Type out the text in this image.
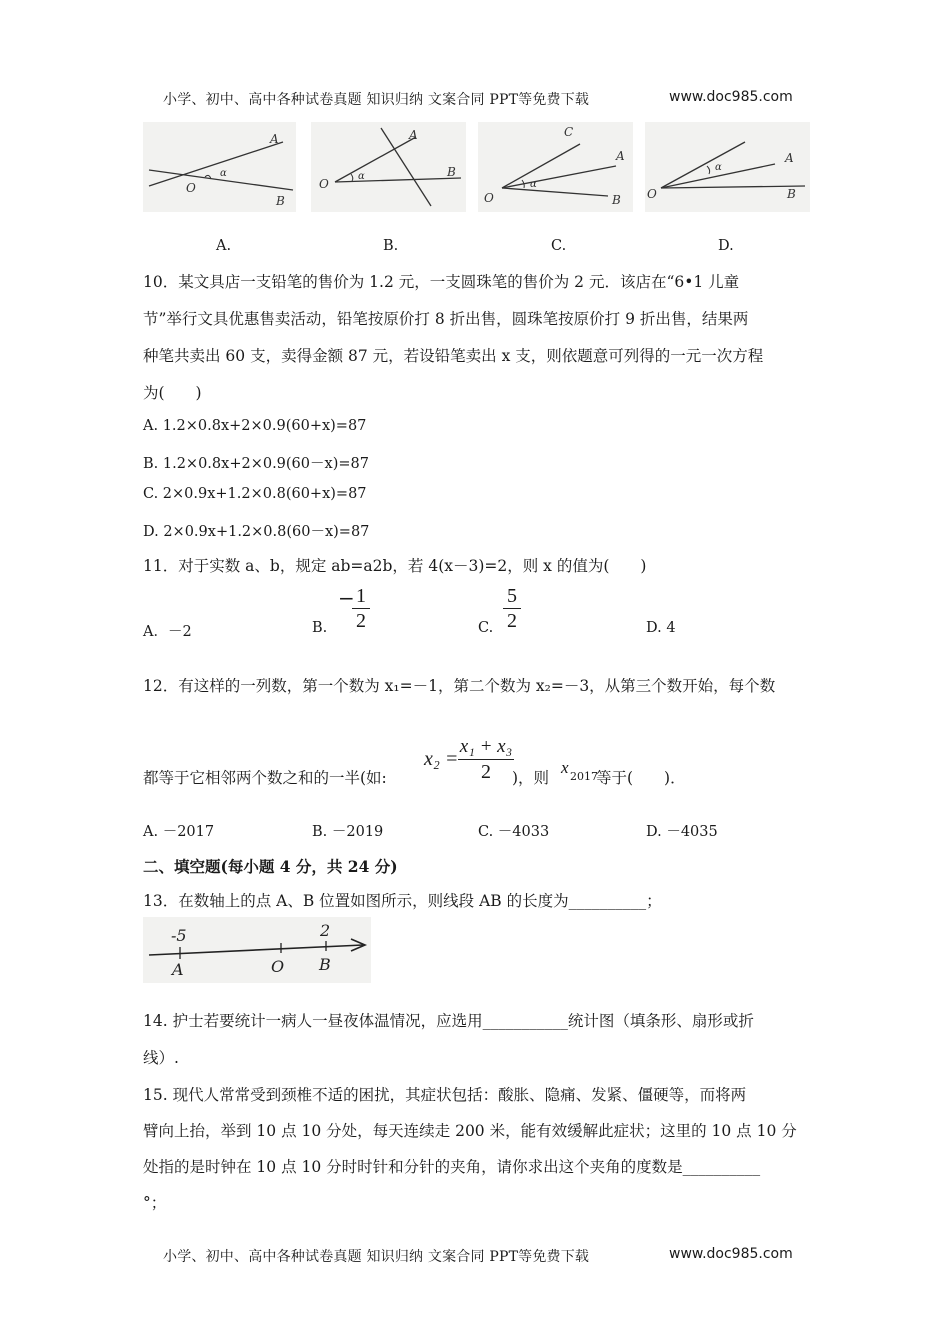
小学、初中、高中各种试卷真题 知识归纳 文案合同 PPT等免费下载	www.doc985.com
A
O
B
α
A
O
B
α
C
A
O	B
α
A
O	B
α
A.	B.	C.	D.
10．某文具店一支铅笔的售价为 1.2 元，一支圆珠笔的售价为 2 元．该店在“6•1 儿童
节”举行文具优惠售卖活动，铅笔按原价打 8 折出售，圆珠笔按原价打 9 折出售，结果两
种笔共卖出 60 支，卖得金额 87 元，若设铅笔卖出 x 支，则依题意可列得的一元一次方程
为(　　)
A. 1.2×0.8x+2×0.9(60+x)=87
B. 1.2×0.8x+2×0.9(60－x)=87
C. 2×0.9x+1.2×0.8(60+x)=87
D. 2×0.9x+1.2×0.8(60－x)=87
11．对于实数 a、b，规定 ab=a2b，若 4(x－3)=2，则 x 的值为(　　)
A．－2	B.
− 1
2	C.
5
2	D. 4
12．有这样的一列数，第一个数为 x₁=－1，第二个数为 x₂=－3，从第三个数开始，每个数
x₂ =
x₁ + x₃
2
都等于它相邻两个数之和的一半(如:	)，则
x 2017
等于(　　)．
A. －2017	B. －2019	C. －4033	D. －4035
二、填空题(每小题 4 分，共 24 分)
13．在数轴上的点 A、B 位置如图所示，则线段 AB 的长度为__________；
-5	2
A	O B
14. 护士若要统计一病人一昼夜体温情况，应选用___________统计图（填条形、扇形或折
线）.
15. 现代人常常受到颈椎不适的困扰，其症状包括：酸胀、隐痛、发紧、僵硬等，而将两
臂向上抬，举到 10 点 10 分处，每天连续走 200 米，能有效缓解此症状；这里的 10 点 10 分
处指的是时钟在 10 点 10 分时时针和分针的夹角，请你求出这个夹角的度数是__________
°；
小学、初中、高中各种试卷真题 知识归纳 文案合同 PPT等免费下载	www.doc985.com
